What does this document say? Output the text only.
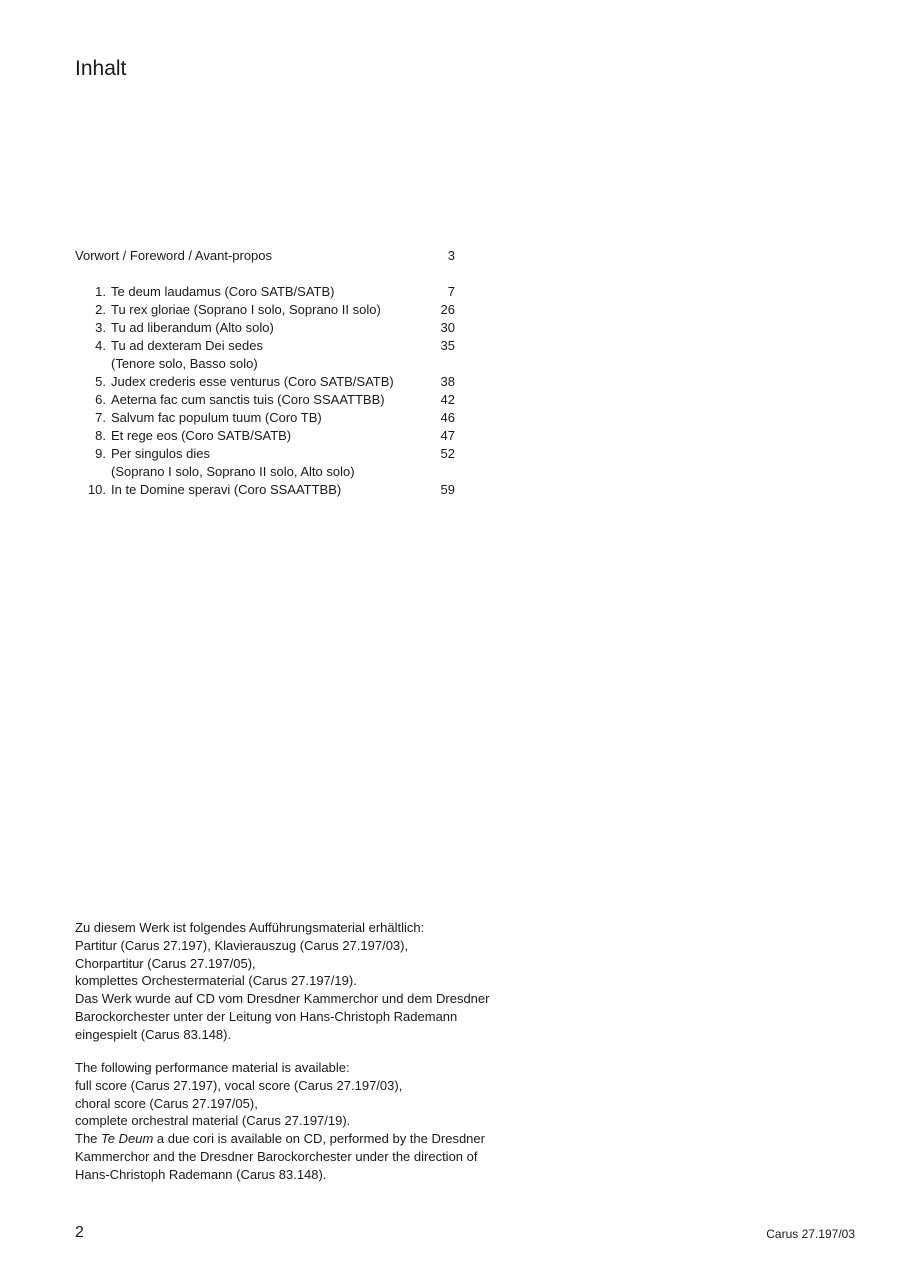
Inhalt
Vorwort / Foreword / Avant-propos	3
1. Te deum laudamus (Coro SATB/SATB)	7
2. Tu rex gloriae (Soprano I solo, Soprano II solo)	26
3. Tu ad liberandum (Alto solo)	30
4. Tu ad dexteram Dei sedes	35
(Tenore solo, Basso solo)
5. Judex crederis esse venturus (Coro SATB/SATB)	38
6. Aeterna fac cum sanctis tuis (Coro SSAATTBB)	42
7. Salvum fac populum tuum (Coro TB)	46
8. Et rege eos (Coro SATB/SATB)	47
9. Per singulos dies	52
(Soprano I solo, Soprano II solo, Alto solo)
10. In te Domine speravi (Coro SSAATTBB)	59

Zu diesem Werk ist folgendes Aufführungsmaterial erhältlich:

Partitur (Carus 27.197), Klavierauszug (Carus 27.197/03),

Chorpartitur (Carus 27.197/05),

komplettes Orchestermaterial (Carus 27.197/19).

Das Werk wurde auf CD vom Dresdner Kammerchor und dem Dresdner

Barockorchester unter der Leitung von Hans-Christoph Rademann

eingespielt (Carus 83.148).

The following performance material is available:

full score (Carus 27.197), vocal score (Carus 27.197/03),

choral score (Carus 27.197/05),

complete orchestral material (Carus 27.197/19).

The Te Deum a due cori is available on CD, performed by the Dresdner

Kammerchor and the Dresdner Barockorchester under the direction of

Hans-Christoph Rademann (Carus 83.148).

2	Carus 27.197/03
